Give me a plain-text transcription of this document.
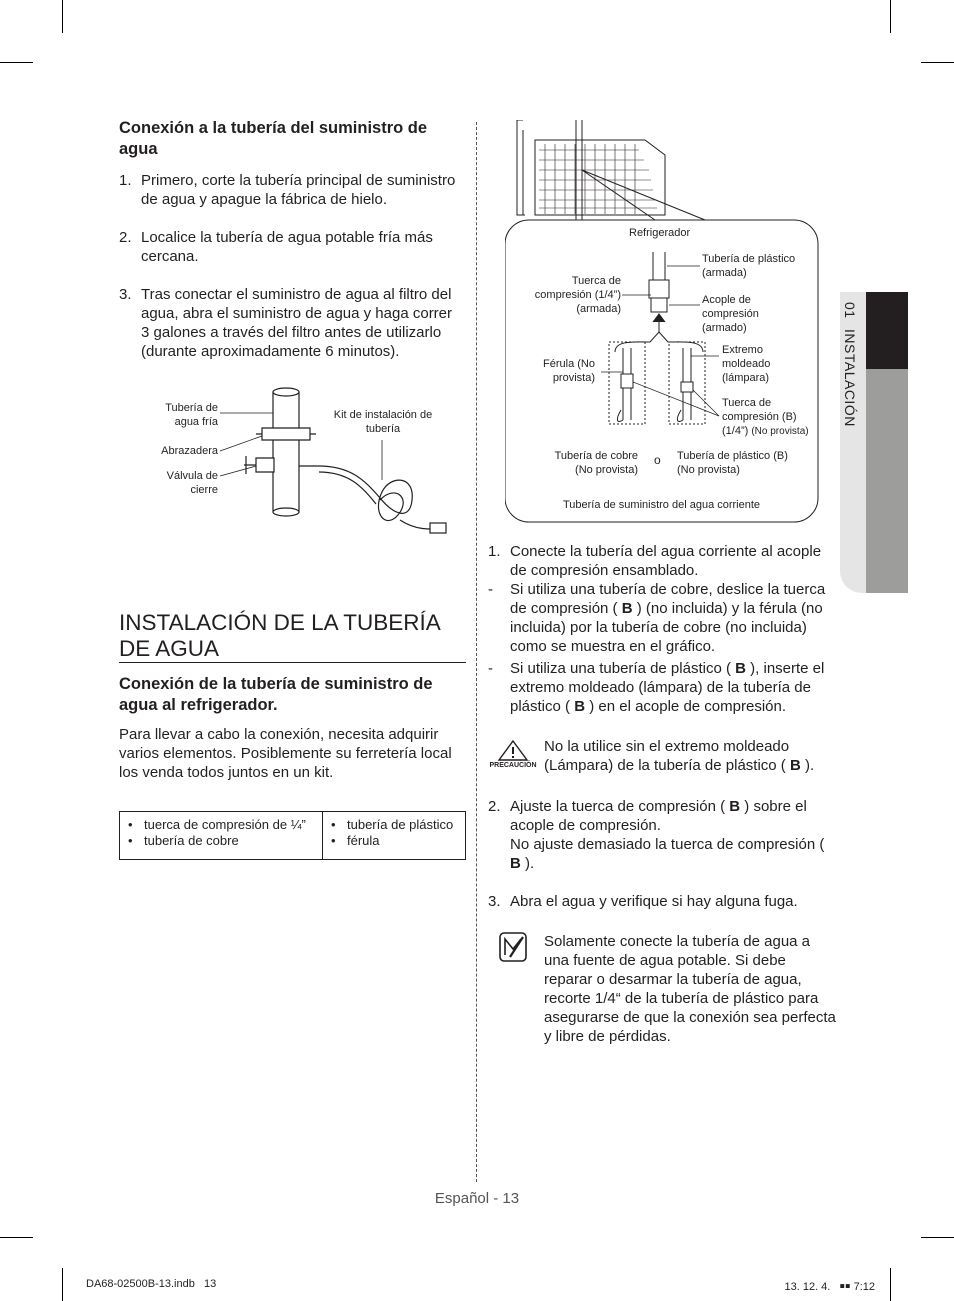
01 INSTALACIÓN
Conexión a la tubería del suministro de agua
1. Primero, corte la tubería principal de suministro de agua y apague la fábrica de hielo.
2. Localice la tubería de agua potable fría más cercana.
3. Tras conectar el suministro de agua al filtro del agua, abra el suministro de agua y haga correr 3 galones a través del filtro antes de utilizarlo (durante aproximadamente 6 minutos).
Tubería de agua fría
Abrazadera
Válvula de cierre
Kit de instalación de tubería
INSTALACIÓN DE LA TUBERÍA DE AGUA
Conexión de la tubería de suministro de agua al refrigerador.
Para llevar a cabo la conexión, necesita adquirir varios elementos. Posiblemente su ferretería local los venda todos juntos en un kit.
• tuerca de compresión de ¼”
• tubería de cobre

• tubería de plástico
• férula
Refrigerador
Tubería de plástico (armada)
Tuerca de compresión (1/4”) (armada)
Acople de compresión (armado)
Extremo moldeado (lámpara)
Férula (No provista)
Tuerca de compresión (B)
(1/4”) (No provista)
Tubería de cobre (No provista)
o Tubería de plástico (B) (No provista)
Tubería de suministro del agua corriente
1. Conecte la tubería del agua corriente al acople de compresión ensamblado.
- Si utiliza una tubería de cobre, deslice la tuerca de compresión ( B ) (no incluida) y la férula (no incluida) por la tubería de cobre (no incluida) como se muestra en el gráfico.
- Si utiliza una tubería de plástico ( B ), inserte el extremo moldeado (lámpara) de la tubería de plástico ( B ) en el acople de compresión.
PRECAUCIÓN
No la utilice sin el extremo moldeado (Lámpara) de la tubería de plástico ( B ).
2. Ajuste la tuerca de compresión ( B ) sobre el acople de compresión.
No ajuste demasiado la tuerca de compresión ( B ).
3. Abra el agua y verifique si hay alguna fuga.
Solamente conecte la tubería de agua a una fuente de agua potable. Si debe reparar o desarmar la tubería de agua, recorte 1/4“ de la tubería de plástico para asegurarse de que la conexión sea perfecta y libre de pérdidas.
Español - 13
DA68-02500B-13.indb   13	13. 12. 4.   ￭￭ 7:12
